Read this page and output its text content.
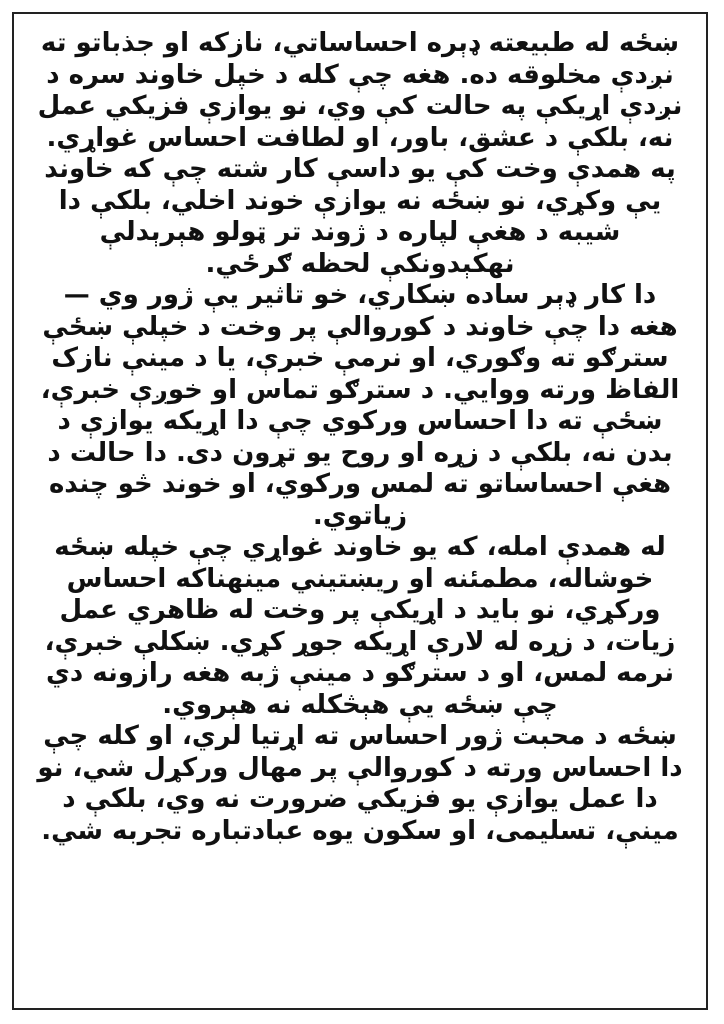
ښځه له طبیعته ډېره احساساتي، نازکه او جذباتو ته نږدې مخلوقه ده. هغه چې کله د خپل خاوند سره د نږدې اړیکې په حالت کې وي، نو یوازې فزیکي عمل نه، بلکې د عشق، باور، او لطافت احساس غواړي. په همدې وخت کې یو داسې کار شته چې که خاوند یې وکړي، نو ښځه نه یوازې خوند اخلي، بلکې دا شیبه د هغې لپاره د ژوند تر ټولو هېرېدلې نهکېدونکې لحظه ګرځي.

دا کار ډېر ساده ښکاري، خو تاثیر یې ژور وي — هغه دا چې خاوند د کوروالې پر وخت د خپلې ښځې سترګو ته وګوري، او نرمې خبرې، یا د مینې نازک الفاظ ورته ووایي. د سترګو تماس او خوږې خبرې، ښځې ته دا احساس ورکوي چې دا اړیکه یوازې د بدن نه، بلکې د زړه او روح یو تړون دی. دا حالت د هغې احساساتو ته لمس ورکوي، او خوند څو چنده زیاتوي.

له همدې امله، که یو خاوند غواړي چې خپله ښځه خوشاله، مطمئنه او ریښتیني مینهناکه احساس ورکړي، نو باید د اړیکې پر وخت له ظاهري عمل زیات، د زړه له لارې اړیکه جوړ کړي. ښکلې خبرې، نرمه لمس، او د سترګو د مینې ژبه هغه رازونه دي چې ښځه یې هېڅکله نه هېروي.

ښځه د محبت ژور احساس ته اړتیا لري، او کله چې دا احساس ورته د کوروالې پر مهال ورکړل شي، نو دا عمل یوازې یو فزیکي ضرورت نه وي، بلکې د مینې، تسلیمی، او سکون یوه عبادتباره تجربه شي.
